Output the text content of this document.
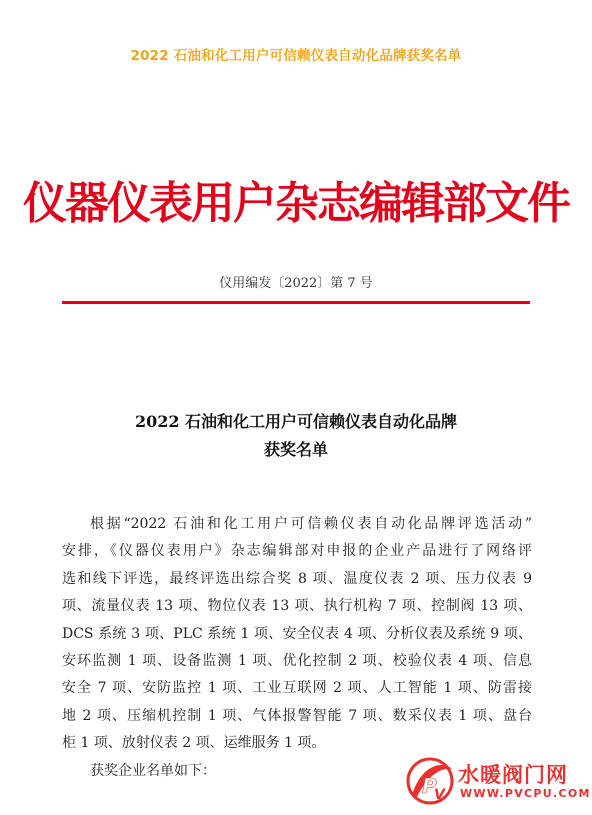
2022 石油和化工用户可信赖仪表自动化品牌获奖名单
仪器仪表用户杂志编辑部文件
仪用编发〔2022〕第 7 号
2022 石油和化工用户可信赖仪表自动化品牌
获奖名单
根据“2022 石油和化工用户可信赖仪表自动化品牌评选活动”
安排，《仪器仪表用户》杂志编辑部对申报的企业产品进行了网络评
选和线下评选，最终评选出综合奖 8 项、温度仪表 2 项、压力仪表 9
项、流量仪表 13 项、物位仪表 13 项、执行机构 7 项、控制阀 13 项、
DCS 系统 3 项、PLC 系统 1 项、安全仪表 4 项、分析仪表及系统 9 项、
安环监测 1 项、设备监测 1 项、优化控制 2 项、校验仪表 4 项、信息
安全 7 项、安防监控 1 项、工业互联网 2 项、人工智能 1 项、防雷接
地 2 项、压缩机控制 1 项、气体报警智能 7 项、数采仪表 1 项、盘台
柜 1 项、放射仪表 2 项、运维服务 1 项。
获奖企业名单如下：
P
V
水暖阀门网
WWW.PVCPU.COM
